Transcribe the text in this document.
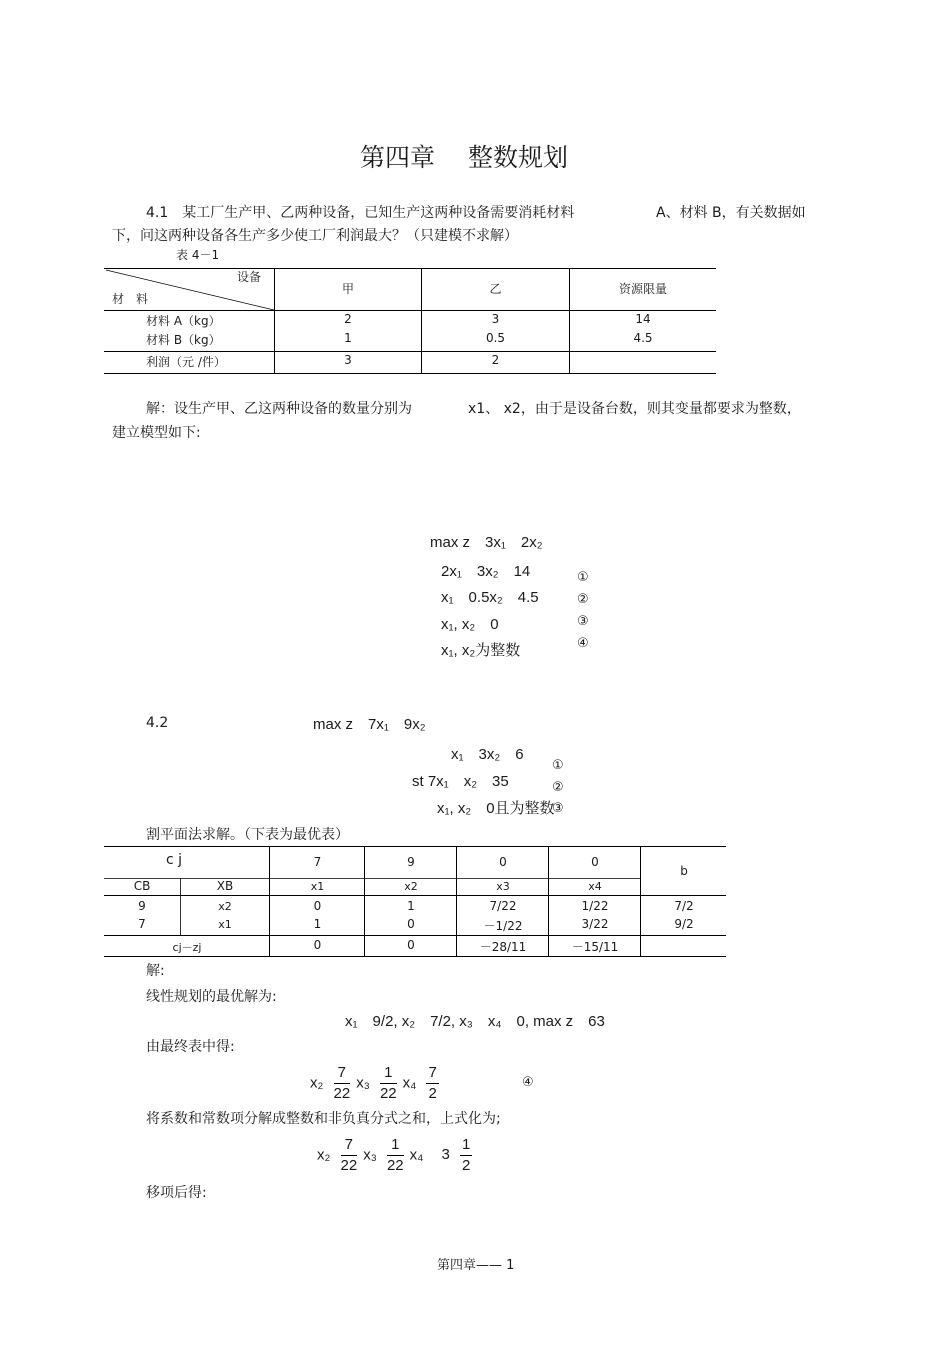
第四章　 整数规划
4.1　某工厂生产甲、乙两种设备，已知生产这两种设备需要消耗材料	A、材料 B，有关数据如
下，问这两种设备各生产多少使工厂利润最大？（只建模不求解）
表 4－1
设备
材　料
甲	乙	资源限量
材料 A（kg）	2	3	14
材料 B（kg）	1	0.5	4.5
利润（元 /件）	3	2
解：设生产甲、乙这两种设备的数量分别为	x1、 x2，由于是设备台数，则其变量都要求为整数，
建立模型如下:
max z　3x₁　2x₂
2x₁　3x₂　14
x₁　0.5x₂　4.5
x₁, x₂　0
x₁, x₂为整数
①
②
③
④
4.2	max z　7x₁　9x₂
x₁　3x₂　6
st 7x₁　x₂　35
x₁, x₂　0且为整数
①
②
③
割平面法求解。（下表为最优表）
c j	7	9	0	0
b
CB	XB	x1	x2	x3	x4
9	x2	0	1	7/22	1/22	7/2
7	x1	1	0	－1/22	3/22	9/2
cj－zj	0	0	－28/11	－15/11
解:
线性规划的最优解为:
x₁　9/2, x₂　7/2, x₃　x₄　0, max z　63
由最终表中得:
$x_2 \frac{7}{22} x_3 \frac{1}{22} x_4 \frac{7}{2}$	④
将系数和常数项分解成整数和非负真分式之和，上式化为;
$x_2 \frac{7}{22} x_3 \frac{1}{22} x_4$ $3 \frac{1}{2}$
移项后得:
第四章—— 1
